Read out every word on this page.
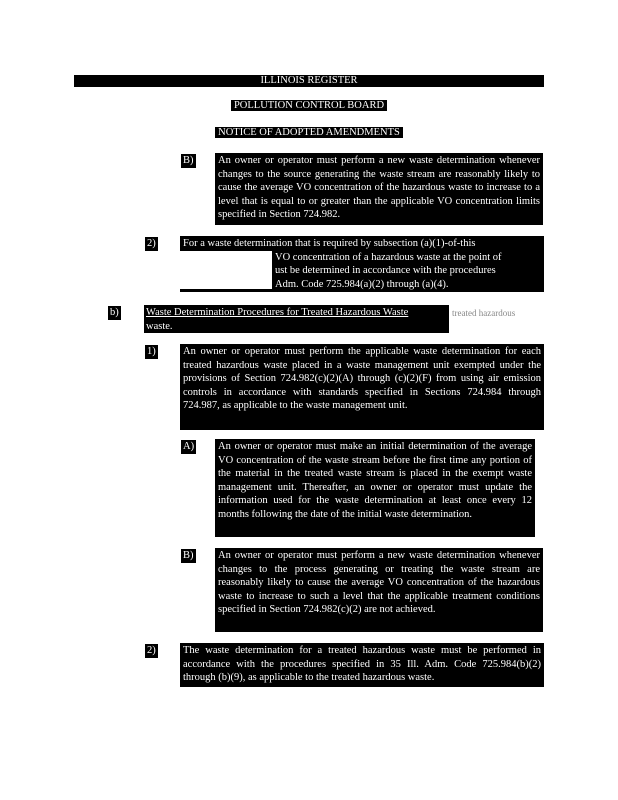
ILLINOIS REGISTER
POLLUTION CONTROL BOARD
NOTICE OF ADOPTED AMENDMENTS
B) An owner or operator must perform a new waste determination whenever changes to the source generating the waste stream are reasonably likely to cause the average VO concentration of the hazardous waste to increase to a level that is equal to or greater than the applicable VO concentration limits specified in Section 724.982.
2)	For a waste determination that is required by subsection (a)(1)-of-this
VO concentration of a hazardous waste at the point of
ust be determined in accordance with the procedures
Adm. Code 725.984(a)(2) through (a)(4).
b)	Waste Determination Procedures for Treated Hazardous Waste
waste.
treated hazardous
1)	An owner or operator must perform the applicable waste determination for each treated hazardous waste placed in a waste management unit exempted under the provisions of Section 724.982(c)(2)(A) through (c)(2)(F) from using air emission controls in accordance with standards specified in Sections 724.984 through 724.987, as applicable to the waste management unit.
A) An owner or operator must make an initial determination of the average VO concentration of the waste stream before the first time any portion of the material in the treated waste stream is placed in the exempt waste management unit. Thereafter, an owner or operator must update the information used for the waste determination at least once every 12 months following the date of the initial waste determination.
B) An owner or operator must perform a new waste determination whenever changes to the process generating or treating the waste stream are reasonably likely to cause the average VO concentration of the hazardous waste to increase to such a level that the applicable treatment conditions specified in Section 724.982(c)(2) are not achieved.
2)	The waste determination for a treated hazardous waste must be performed in accordance with the procedures specified in 35 Ill. Adm. Code 725.984(b)(2) through (b)(9), as applicable to the treated hazardous waste.
